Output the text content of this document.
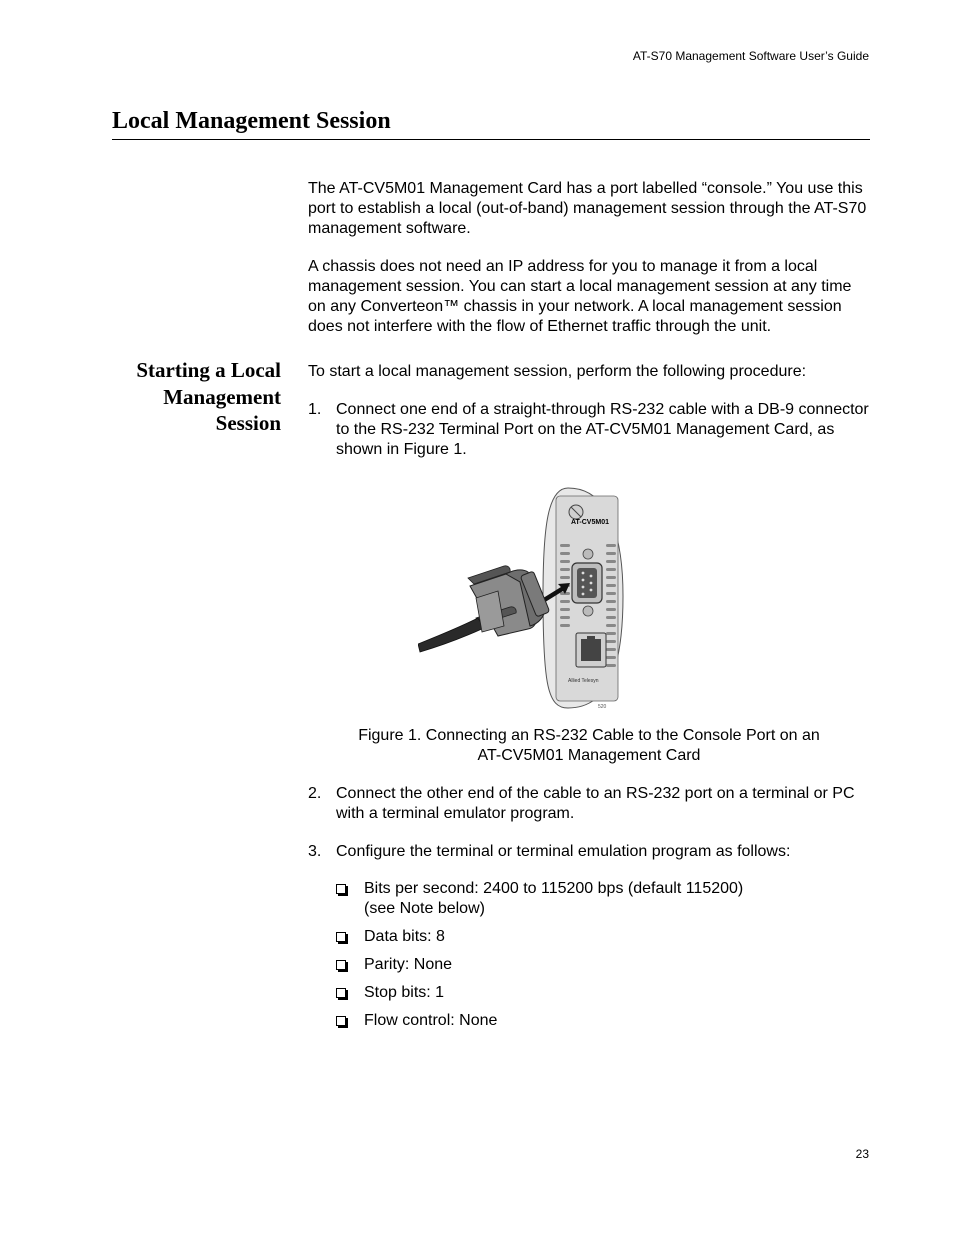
AT-S70 Management Software User’s Guide
Local Management Session

The AT-CV5M01 Management Card has a port labelled “console.” You use this port to establish a local (out-of-band) management session through the AT-S70 management software.

A chassis does not need an IP address for you to manage it from a local management session. You can start a local management session at any time on any Converteon™ chassis in your network. A local management session does not interfere with the flow of Ethernet traffic through the unit.

Starting a Local
Management
Session

To start a local management session, perform the following procedure:

1. Connect one end of a straight-through RS-232 cable with a DB-9 connector to the RS-232 Terminal Port on the AT-CV5M01 Management Card, as shown in Figure 1.
AT-CV5M01
Allied Telesyn
520
Figure 1. Connecting an RS-232 Cable to the Console Port on an
AT-CV5M01 Management Card
2. Connect the other end of the cable to an RS-232 port on a terminal or PC with a terminal emulator program.
3. Configure the terminal or terminal emulation program as follows:
Bits per second: 2400 to 115200 bps (default 115200)
(see Note below)
Data bits: 8
Parity: None
Stop bits: 1
Flow control: None
23
